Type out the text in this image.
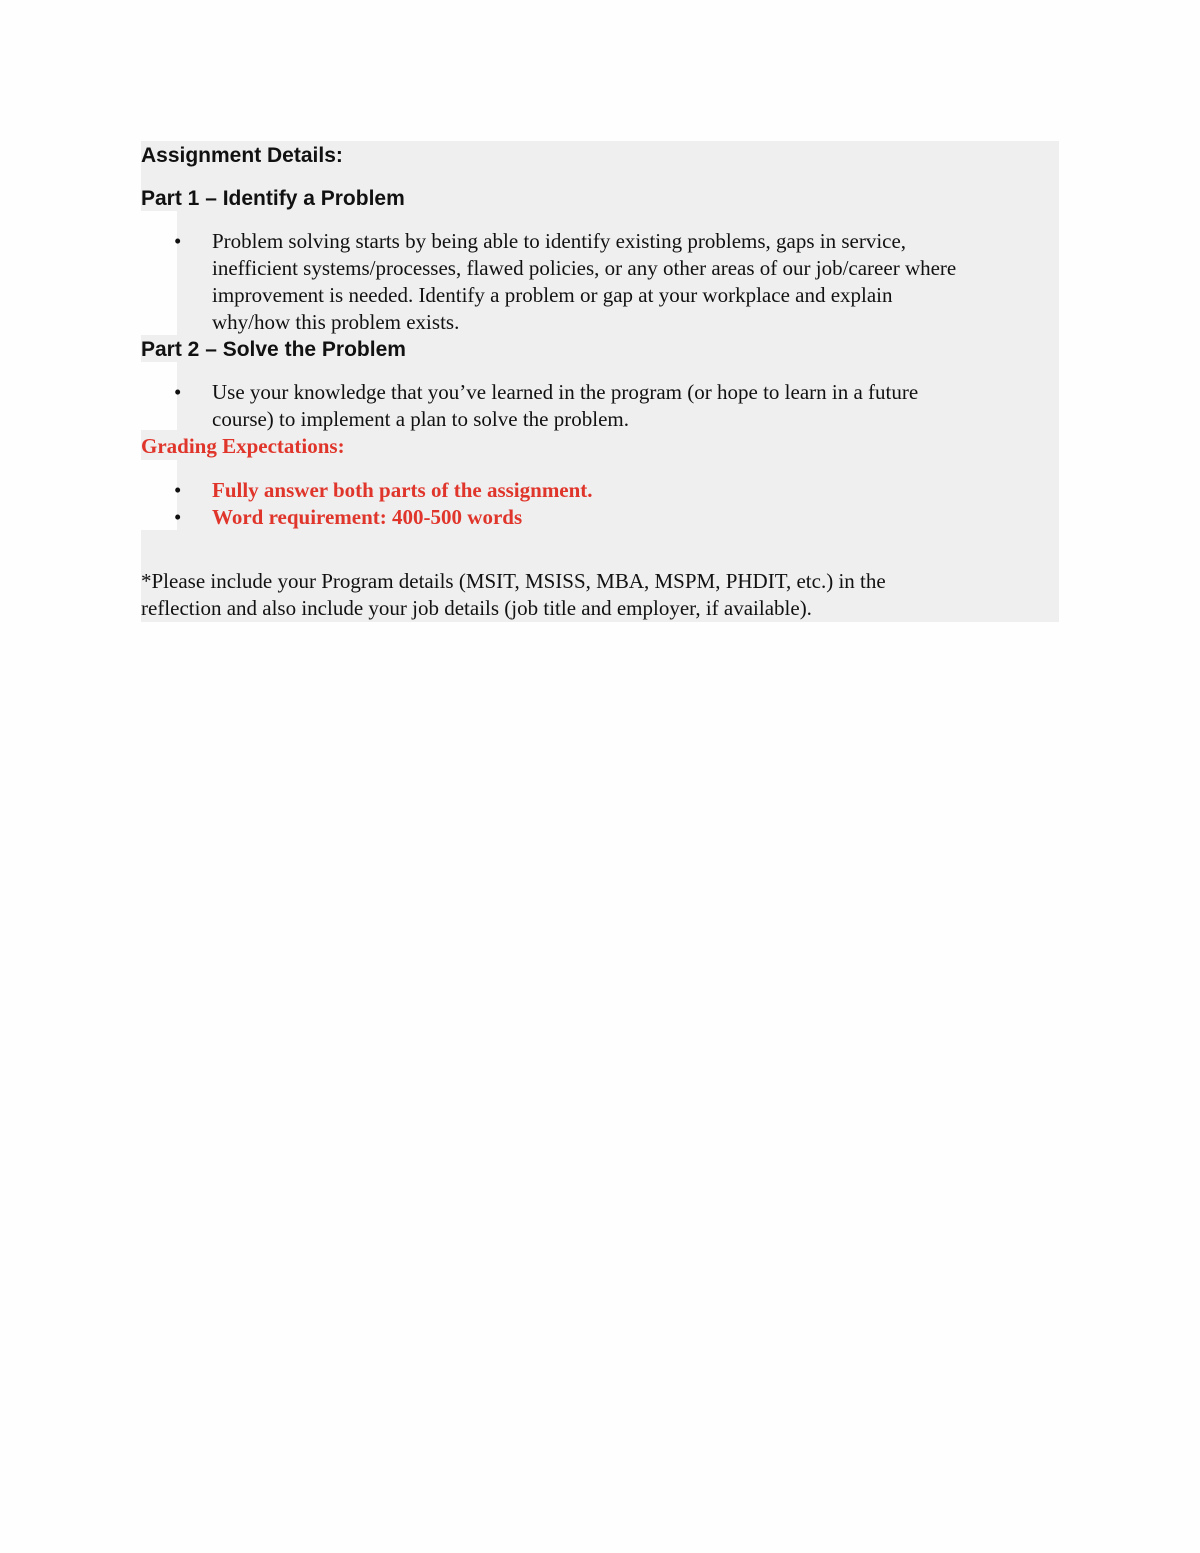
Assignment Details:
Part 1 – Identify a Problem
• Problem solving starts by being able to identify existing problems, gaps in service,
inefficient systems/processes, flawed policies, or any other areas of our job/career where
improvement is needed. Identify a problem or gap at your workplace and explain
why/how this problem exists.
Part 2 – Solve the Problem
• Use your knowledge that you’ve learned in the program (or hope to learn in a future
course) to implement a plan to solve the problem.
Grading Expectations:
• Fully answer both parts of the assignment.
• Word requirement: 400-500 words
*Please include your Program details (MSIT, MSISS, MBA, MSPM, PHDIT, etc.) in the
reflection and also include your job details (job title and employer, if available).
